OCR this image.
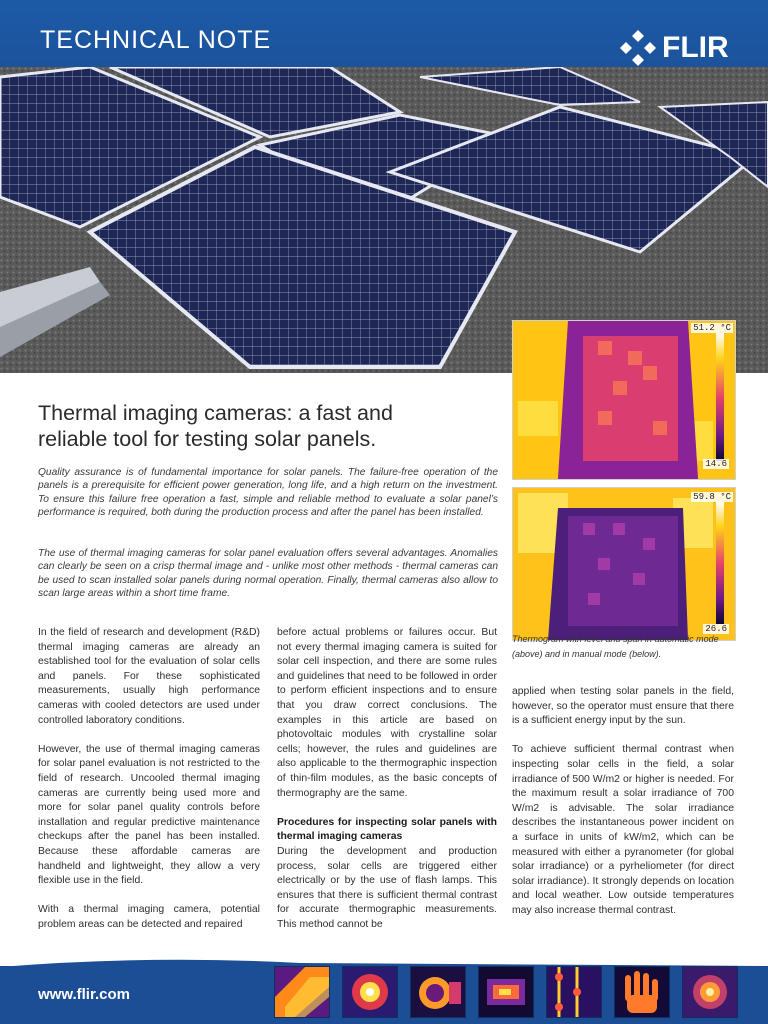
TECHNICAL NOTE	FLIR
51.2 °C
14.6
59.8 °C
26.6
Thermogram with level and span in automatic mode (above) and in manual mode (below).
Thermal imaging cameras: a fast and
reliable tool for testing solar panels.

Quality assurance is of fundamental importance for solar panels. The failure-free operation of the panels is a prerequisite for efficient power generation, long life, and a high return on the investment. To ensure this failure free operation a fast, simple and reliable method to evaluate a solar panel’s performance is required, both during the production process and after the panel has been installed.

The use of thermal imaging cameras for solar panel evaluation offers several advantages. Anomalies can clearly be seen on a crisp thermal image and - unlike most other methods - thermal cameras can be used to scan installed solar panels during normal operation. Finally, thermal cameras also allow to scan large areas within a short time frame.

In the field of research and development (R&D) thermal imaging cameras are already an established tool for the evaluation of solar cells and panels. For these sophisticated measurements, usually high performance cameras with cooled detectors are used under controlled laboratory conditions.

However, the use of thermal imaging cameras for solar panel evaluation is not restricted to the field of research. Uncooled thermal imaging cameras are currently being used more and more for solar panel quality controls before installation and regular predictive maintenance checkups after the panel has been installed. Because these affordable cameras are handheld and lightweight, they allow a very flexible use in the field.

With a thermal imaging camera, potential problem areas can be detected and repaired

before actual problems or failures occur. But not every thermal imaging camera is suited for solar cell inspection, and there are some rules and guidelines that need to be followed in order to perform efficient inspections and to ensure that you draw correct conclusions. The examples in this article are based on photovoltaic modules with crystalline solar cells; however, the rules and guidelines are also applicable to the thermographic inspection of thin-film modules, as the basic concepts of thermography are the same.

Procedures for inspecting solar panels with thermal imaging cameras

During the development and production process, solar cells are triggered either electrically or by the use of flash lamps. This ensures that there is sufficient thermal contrast for accurate thermographic measurements. This method cannot be

applied when testing solar panels in the field, however, so the operator must ensure that there is a sufficient energy input by the sun.

To achieve sufficient thermal contrast when inspecting solar cells in the field, a solar irradiance of 500 W/m2 or higher is needed. For the maximum result a solar irradiance of 700 W/m2 is advisable. The solar irradiance describes the instantaneous power incident on a surface in units of kW/m2, which can be measured with either a pyranometer (for global solar irradiance) or a pyrheliometer (for direct solar irradiance). It strongly depends on location and local weather. Low outside temperatures may also increase thermal contrast.

www.flir.com
